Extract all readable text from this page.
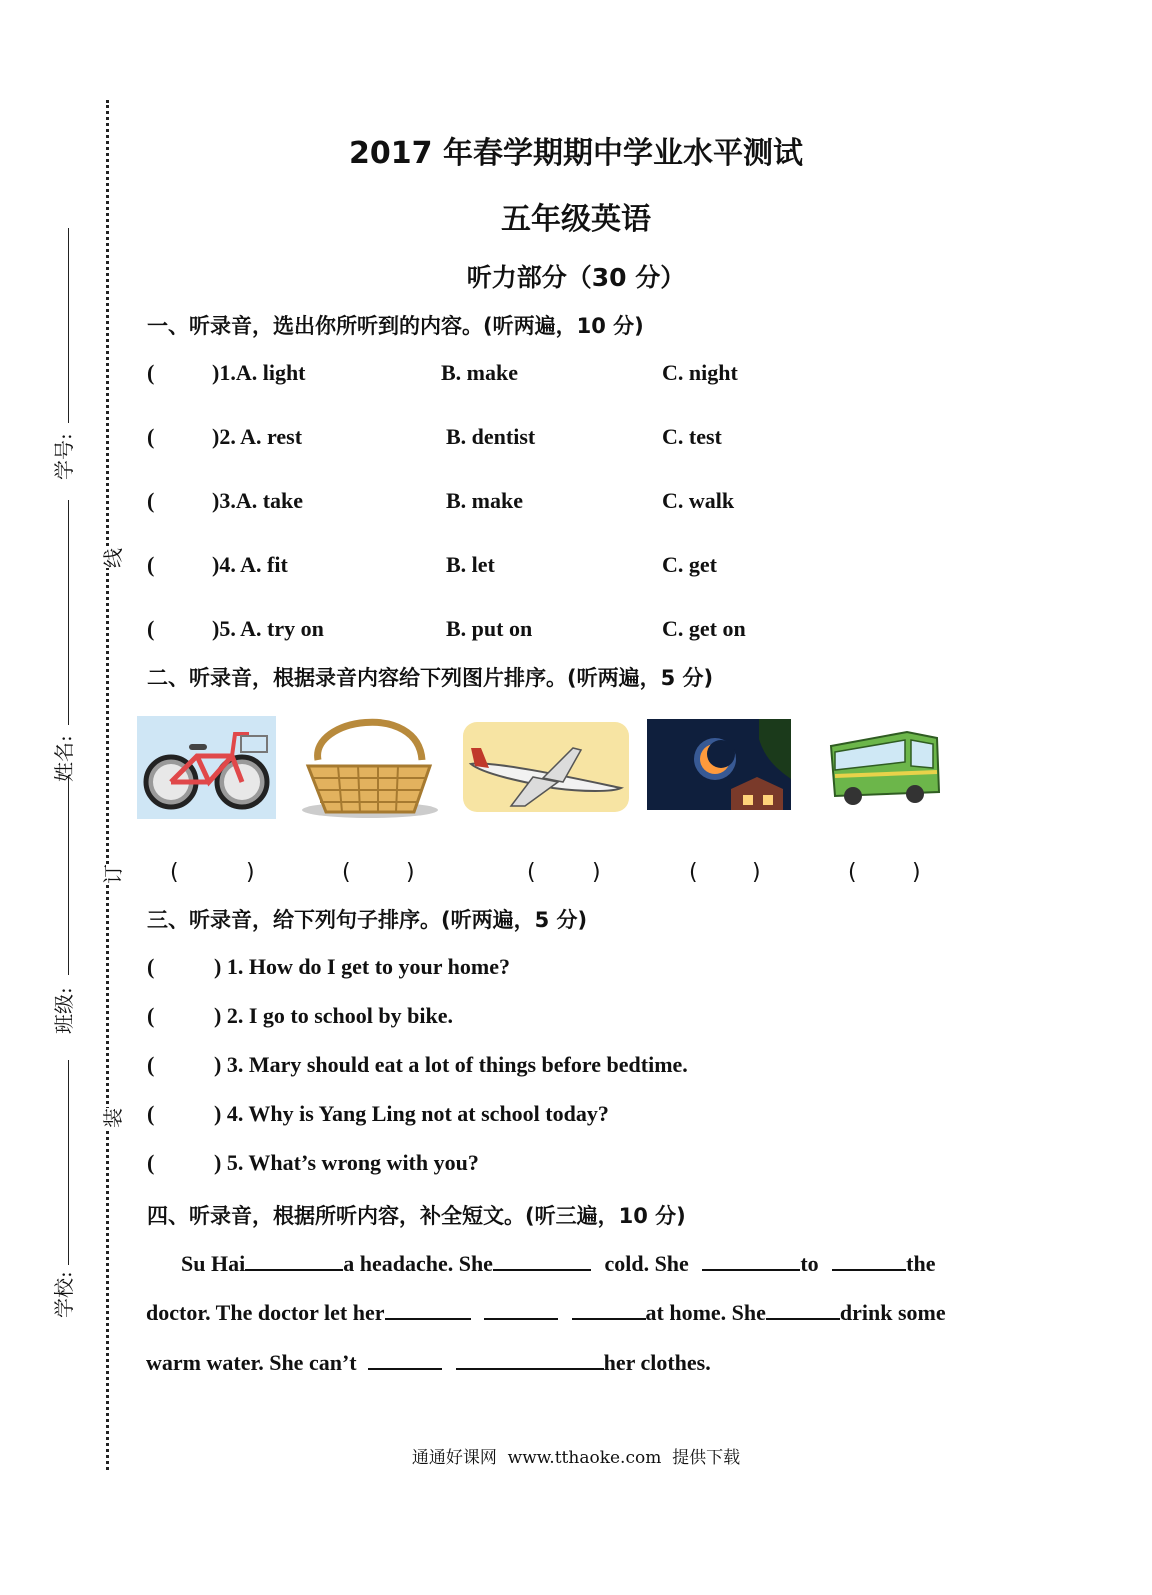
学号:
姓名:
班级:
学校:
线
订
装
2017 年春学期期中学业水平测试
五年级英语
听力部分（30 分）
一、听录音，选出你所听到的内容。(听两遍，10 分)
(	)1.A. light	B. make	C. night
(	)2. A. rest	B. dentist	C. test
(	)3.A. take	B. make	C. walk
(	)4. A. fit	B. let	C. get
(	)5. A. try on	B. put on	C. get on
二、听录音，根据录音内容给下列图片排序。(听两遍，5 分)
(	)	(	)	(	)	( )	(	)
三、听录音，给下列句子排序。(听两遍，5 分)
(	) 1. How do I get to your home?
(	) 2. I go to school by bike.
(	) 3. Mary should eat a lot of things before bedtime.
(	) 4. Why is Yang Ling not at school today?
(	) 5. What’s wrong with you?
四、听录音，根据所听内容，补全短文。(听三遍，10 分)
Su Hai	a headache. She	cold. She	to	the
doctor. The doctor let her	at home. She	drink some
warm water. She can’t	her clothes.
通通好课网  www.tthaoke.com  提供下载
